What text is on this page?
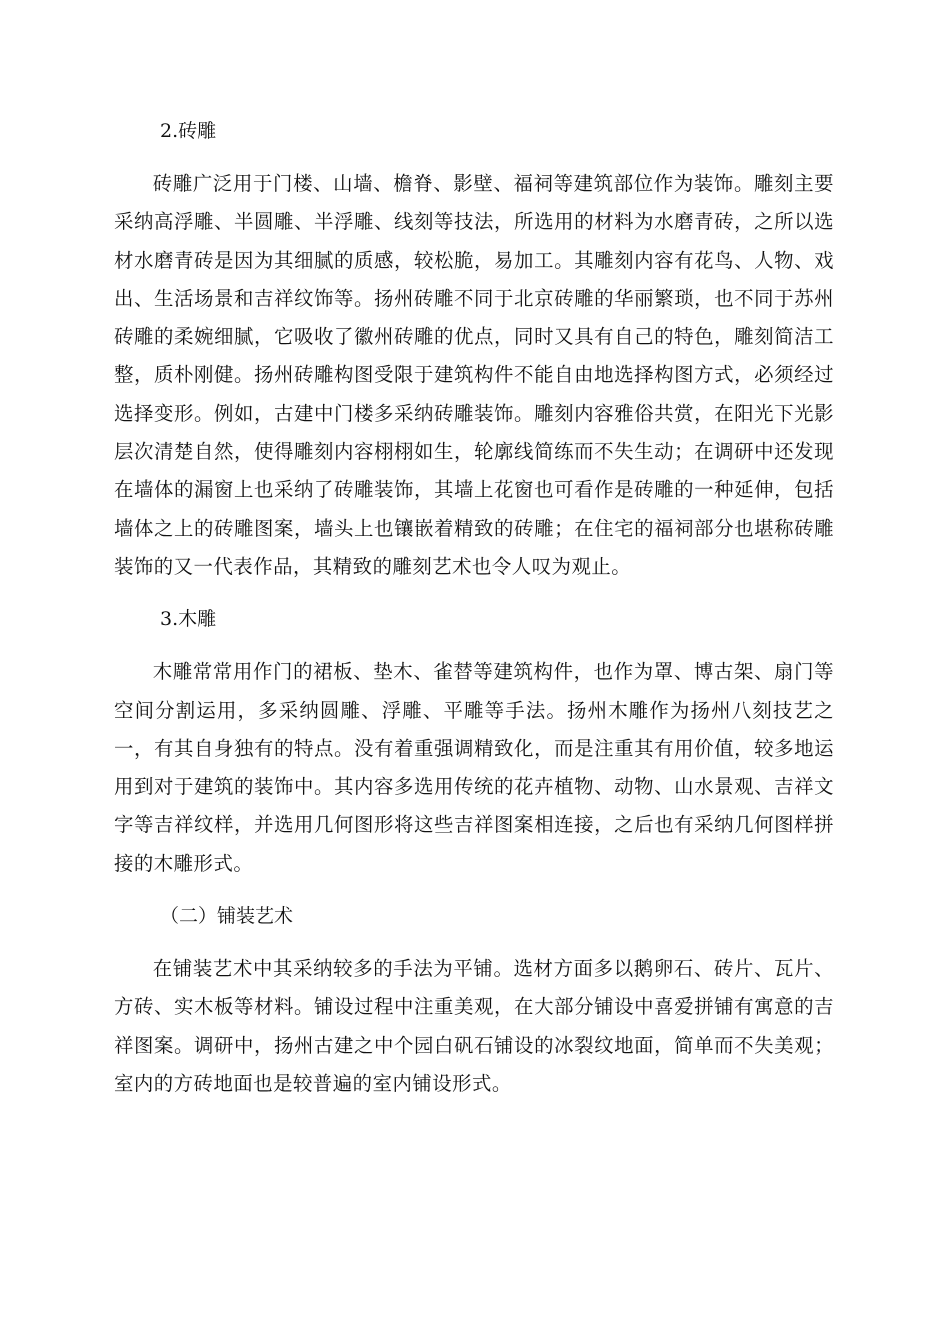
2.砖雕

砖雕广泛用于门楼、山墙、檐脊、影壁、福祠等建筑部位作为装饰。雕刻主要采纳高浮雕、半圆雕、半浮雕、线刻等技法，所选用的材料为水磨青砖，之所以选材水磨青砖是因为其细腻的质感，较松脆，易加工。其雕刻内容有花鸟、人物、戏出、生活场景和吉祥纹饰等。扬州砖雕不同于北京砖雕的华丽繁琐，也不同于苏州砖雕的柔婉细腻，它吸收了徽州砖雕的优点，同时又具有自己的特色，雕刻简洁工整，质朴刚健。扬州砖雕构图受限于建筑构件不能自由地选择构图方式，必须经过选择变形。例如，古建中门楼多采纳砖雕装饰。雕刻内容雅俗共赏，在阳光下光影层次清楚自然，使得雕刻内容栩栩如生，轮廓线简练而不失生动；在调研中还发现在墙体的漏窗上也采纳了砖雕装饰，其墙上花窗也可看作是砖雕的一种延伸，包括墙体之上的砖雕图案，墙头上也镶嵌着精致的砖雕；在住宅的福祠部分也堪称砖雕装饰的又一代表作品，其精致的雕刻艺术也令人叹为观止。

3.木雕

木雕常常用作门的裙板、垫木、雀替等建筑构件，也作为罩、博古架、扇门等空间分割运用，多采纳圆雕、浮雕、平雕等手法。扬州木雕作为扬州八刻技艺之一，有其自身独有的特点。没有着重强调精致化，而是注重其有用价值，较多地运用到对于建筑的装饰中。其内容多选用传统的花卉植物、动物、山水景观、吉祥文字等吉祥纹样，并选用几何图形将这些吉祥图案相连接，之后也有采纳几何图样拼接的木雕形式。

（二）铺装艺术

在铺装艺术中其采纳较多的手法为平铺。选材方面多以鹅卵石、砖片、瓦片、方砖、实木板等材料。铺设过程中注重美观，在大部分铺设中喜爱拼铺有寓意的吉祥图案。调研中，扬州古建之中个园白矾石铺设的冰裂纹地面，简单而不失美观；室内的方砖地面也是较普遍的室内铺设形式。
